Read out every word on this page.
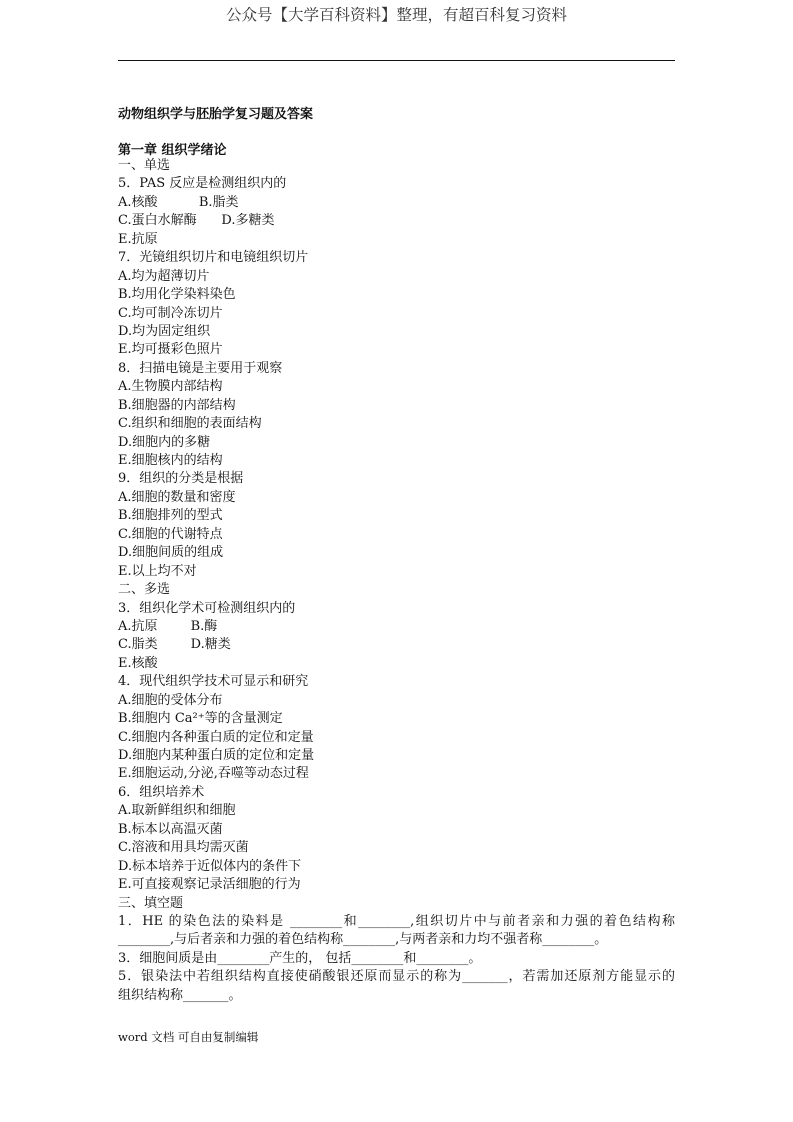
公众号【大学百科资料】整理，有超百科复习资料
动物组织学与胚胎学复习题及答案
第一章 组织学绪论
一、单选
5．PAS 反应是检测组织内的
A.核酸          B.脂类
C.蛋白水解酶      D.多糖类
E.抗原
7．光镜组织切片和电镜组织切片
A.均为超薄切片
B.均用化学染料染色
C.均可制冷冻切片
D.均为固定组织
E.均可摄彩色照片
8．扫描电镜是主要用于观察
A.生物膜内部结构
B.细胞器的内部结构
C.组织和细胞的表面结构
D.细胞内的多糖
E.细胞核内的结构
9．组织的分类是根据
A.细胞的数量和密度
B.细胞排列的型式
C.细胞的代谢特点
D.细胞间质的组成
E.以上均不对
二、多选
3．组织化学术可检测组织内的
A.抗原        B.酶
C.脂类        D.糖类
E.核酸
4．现代组织学技术可显示和研究
A.细胞的受体分布
B.细胞内 Ca²⁺等的含量测定
C.细胞内各种蛋白质的定位和定量
D.细胞内某种蛋白质的定位和定量
E.细胞运动,分泌,吞噬等动态过程
6．组织培养术
A.取新鲜组织和细胞
B.标本以高温灭菌
C.溶液和用具均需灭菌
D.标本培养于近似体内的条件下
E.可直接观察记录活细胞的行为
三、填空题
1．HE 的染色法的染料是 ________和________,组织切片中与前者亲和力强的着色结构称
________,与后者亲和力强的着色结构称________,与两者亲和力均不强者称________。
3．细胞间质是由________产生的， 包括________和________。
5．银染法中若组织结构直接使硝酸银还原而显示的称为_______，若需加还原剂方能显示的
组织结构称_______。
word 文档 可自由复制编辑
